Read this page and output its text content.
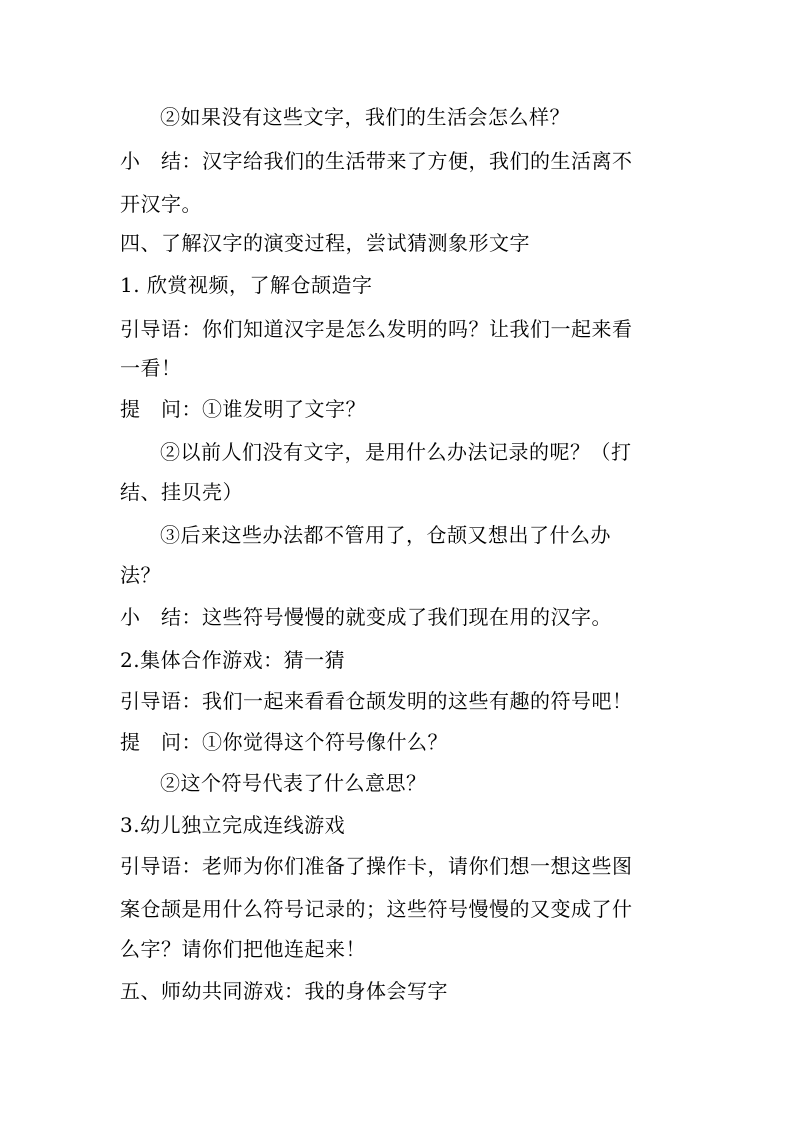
②如果没有这些文字，我们的生活会怎么样？
小　结：汉字给我们的生活带来了方便，我们的生活离不
开汉字。
四、了解汉字的演变过程，尝试猜测象形文字
1. 欣赏视频，了解仓颉造字
引导语：你们知道汉字是怎么发明的吗？让我们一起来看
一看！
提　问：①谁发明了文字？
②以前人们没有文字，是用什么办法记录的呢？（打
结、挂贝壳）
③后来这些办法都不管用了，仓颉又想出了什么办
法？
小　结：这些符号慢慢的就变成了我们现在用的汉字。
2.集体合作游戏：猜一猜
引导语：我们一起来看看仓颉发明的这些有趣的符号吧！
提　问：①你觉得这个符号像什么？
②这个符号代表了什么意思？
3.幼儿独立完成连线游戏
引导语：老师为你们准备了操作卡，请你们想一想这些图
案仓颉是用什么符号记录的；这些符号慢慢的又变成了什
么字？请你们把他连起来！
五、师幼共同游戏：我的身体会写字
